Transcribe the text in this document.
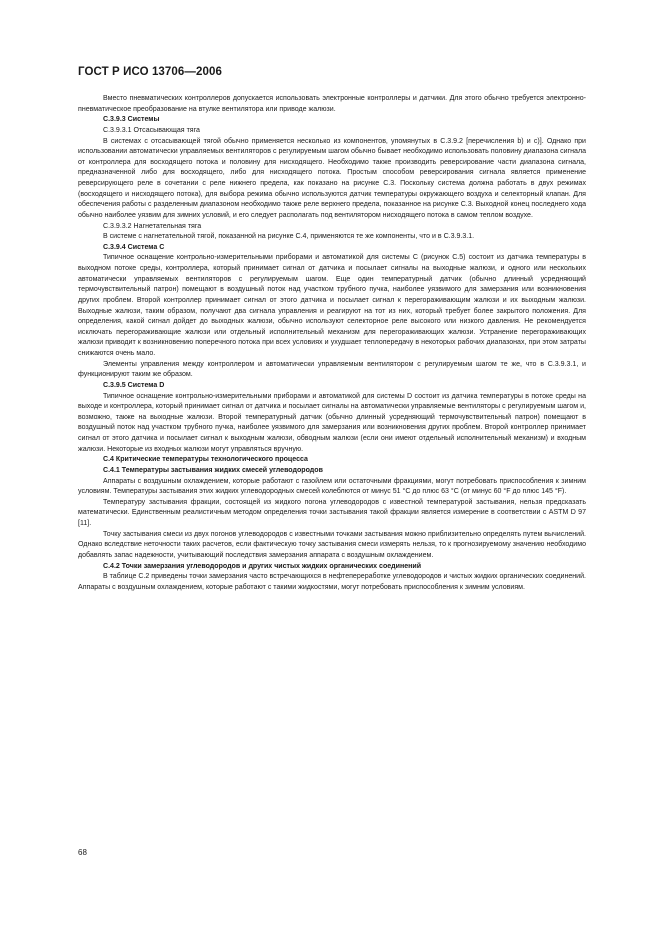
ГОСТ Р ИСО 13706—2006

Вместо пневматических контроллеров допускается использовать электронные контроллеры и датчики. Для этого обычно требуется электронно-пневматическое преобразование на втулке вентилятора или приводе жалюзи.

С.3.9.3 Системы

С.3.9.3.1 Отсасывающая тяга

В системах с отсасывающей тягой обычно применяется несколько из компонентов, упомянутых в С.3.9.2 [перечисления b) и c)]. Однако при использовании автоматически управляемых вентиляторов с регулируемым шагом обычно бывает необходимо использовать половину диапазона сигнала от контроллера для восходящего потока и половину для нисходящего. Необходимо также производить реверсирование части диапазона сигнала, предназначенной либо для восходящего, либо для нисходящего потока. Простым способом реверсирования сигнала является применение реверсирующего реле в сочетании с реле нижнего предела, как показано на рисунке С.3. Поскольку система должна работать в двух режимах (восходящего и нисходящего потока), для выбора режима обычно используются датчик температуры окружающего воздуха и селекторный клапан. Для обеспечения работы с разделенным диапазоном необходимо также реле верхнего предела, показанное на рисунке С.3. Выходной конец последнего хода обычно наиболее уязвим для зимних условий, и его следует располагать под вентилятором нисходящего потока в самом теплом воздухе.

С.3.9.3.2 Нагнетательная тяга

В системе с нагнетательной тягой, показанной на рисунке С.4, применяются те же компоненты, что и в С.3.9.3.1.

С.3.9.4 Система С

Типичное оснащение контрольно-измерительными приборами и автоматикой для системы С (рисунок С.5) состоит из датчика температуры в выходном потоке среды, контроллера, который принимает сигнал от датчика и посылает сигналы на выходные жалюзи, и одного или нескольких автоматически управляемых вентиляторов с регулируемым шагом. Еще один температурный датчик (обычно длинный усредняющий термочувствительный патрон) помещают в воздушный поток над участком трубного пучка, наиболее уязвимого для замерзания или возникновения других проблем. Второй контроллер принимает сигнал от этого датчика и посылает сигнал к перегораживающим жалюзи и их выходным жалюзи. Выходные жалюзи, таким образом, получают два сигнала управления и реагируют на тот из них, который требует более закрытого положения. Для определения, какой сигнал дойдет до выходных жалюзи, обычно используют селекторное реле высокого или низкого давления. Не рекомендуется исключать перегораживающие жалюзи или отдельный исполнительный механизм для перегораживающих жалюзи. Устранение перегораживающих жалюзи приводит к возникновению поперечного потока при всех условиях и ухудшает теплопередачу в некоторых рабочих диапазонах, при этом затраты снижаются очень мало.

Элементы управления между контроллером и автоматически управляемым вентилятором с регулируемым шагом те же, что в С.3.9.3.1, и функционируют таким же образом.

С.3.9.5 Система D

Типичное оснащение контрольно-измерительными приборами и автоматикой для системы D состоит из датчика температуры в потоке среды на выходе и контроллера, который принимает сигнал от датчика и посылает сигналы на автоматически управляемые вентиляторы с регулируемым шагом и, возможно, также на выходные жалюзи. Второй температурный датчик (обычно длинный усредняющий термочувствительный патрон) помещают в воздушный поток над участком трубного пучка, наиболее уязвимого для замерзания или возникновения других проблем. Второй контроллер принимает сигнал от этого датчика и посылает сигнал к выходным жалюзи, обводным жалюзи (если они имеют отдельный исполнительный механизм) и входным жалюзи. Некоторые из входных жалюзи могут управляться вручную.

С.4 Критические температуры технологического процесса

С.4.1 Температуры застывания жидких смесей углеводородов

Аппараты с воздушным охлаждением, которые работают с газойлем или остаточными фракциями, могут потребовать приспособления к зимним условиям. Температуры застывания этих жидких углеводородных смесей колеблются от минус 51 °С до плюс 63 °С (от минус 60 °F до плюс 145 °F).

Температуру застывания фракции, состоящей из жидкого погона углеводородов с известной температурой застывания, нельзя предсказать математически. Единственным реалистичным методом определения точки застывания такой фракции является измерение в соответствии с ASTM D 97 [11].

Точку застывания смеси из двух погонов углеводородов с известными точками застывания можно приблизительно определять путем вычислений. Однако вследствие неточности таких расчетов, если фактическую точку застывания смеси измерять нельзя, то к прогнозируемому значению необходимо добавлять запас надежности, учитывающий последствия замерзания аппарата с воздушным охлаждением.

С.4.2 Точки замерзания углеводородов и других чистых жидких органических соединений

В таблице С.2 приведены точки замерзания часто встречающихся в нефтепереработке углеводородов и чистых жидких органических соединений. Аппараты с воздушным охлаждением, которые работают с такими жидкостями, могут потребовать приспособления к зимним условиям.

68
